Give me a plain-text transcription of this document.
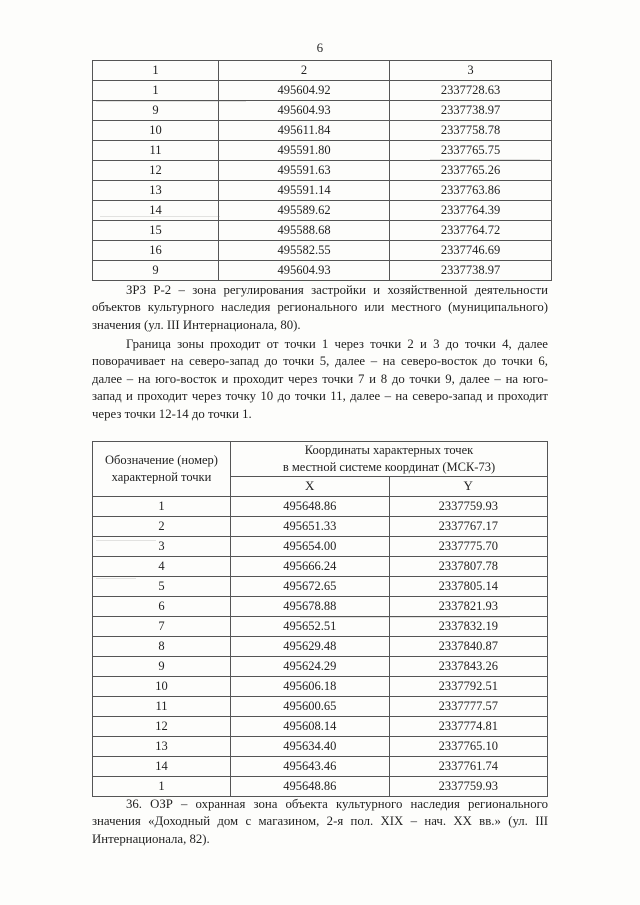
6
1	2	3
1	495604.92	2337728.63
9	495604.93	2337738.97
10	495611.84	2337758.78
11	495591.80	2337765.75
12	495591.63	2337765.26
13	495591.14	2337763.86
14	495589.62	2337764.39
15	495588.68	2337764.72
16	495582.55	2337746.69
9	495604.93	2337738.97
ЗРЗ Р-2 – зона регулирования застройки и хозяйственной деятельности объектов культурного наследия регионального или местного (муниципального) значения (ул. III Интернационала, 80).
Граница зоны проходит от точки 1 через точки 2 и 3 до точки 4, далее поворачивает на северо-запад до точки 5, далее – на северо-восток до точки 6, далее – на юго-восток и проходит через точки 7 и 8 до точки 9, далее – на юго-запад и проходит через точку 10 до точки 11, далее – на северо-запад и проходит через точки 12-14 до точки 1.
Обозначение (номер)
характерной точки	Координаты характерных точек
в местной системе координат (МСК-73)	
	X	Y
1	495648.86	2337759.93
2	495651.33	2337767.17
3	495654.00	2337775.70
4	495666.24	2337807.78
5	495672.65	2337805.14
6	495678.88	2337821.93
7	495652.51	2337832.19
8	495629.48	2337840.87
9	495624.29	2337843.26
10	495606.18	2337792.51
11	495600.65	2337777.57
12	495608.14	2337774.81
13	495634.40	2337765.10
14	495643.46	2337761.74
1	495648.86	2337759.93
36. ОЗР – охранная зона объекта культурного наследия регионального значения «Доходный дом с магазином, 2-я пол. XIX – нач. XX вв.» (ул. III Интернационала, 82).
